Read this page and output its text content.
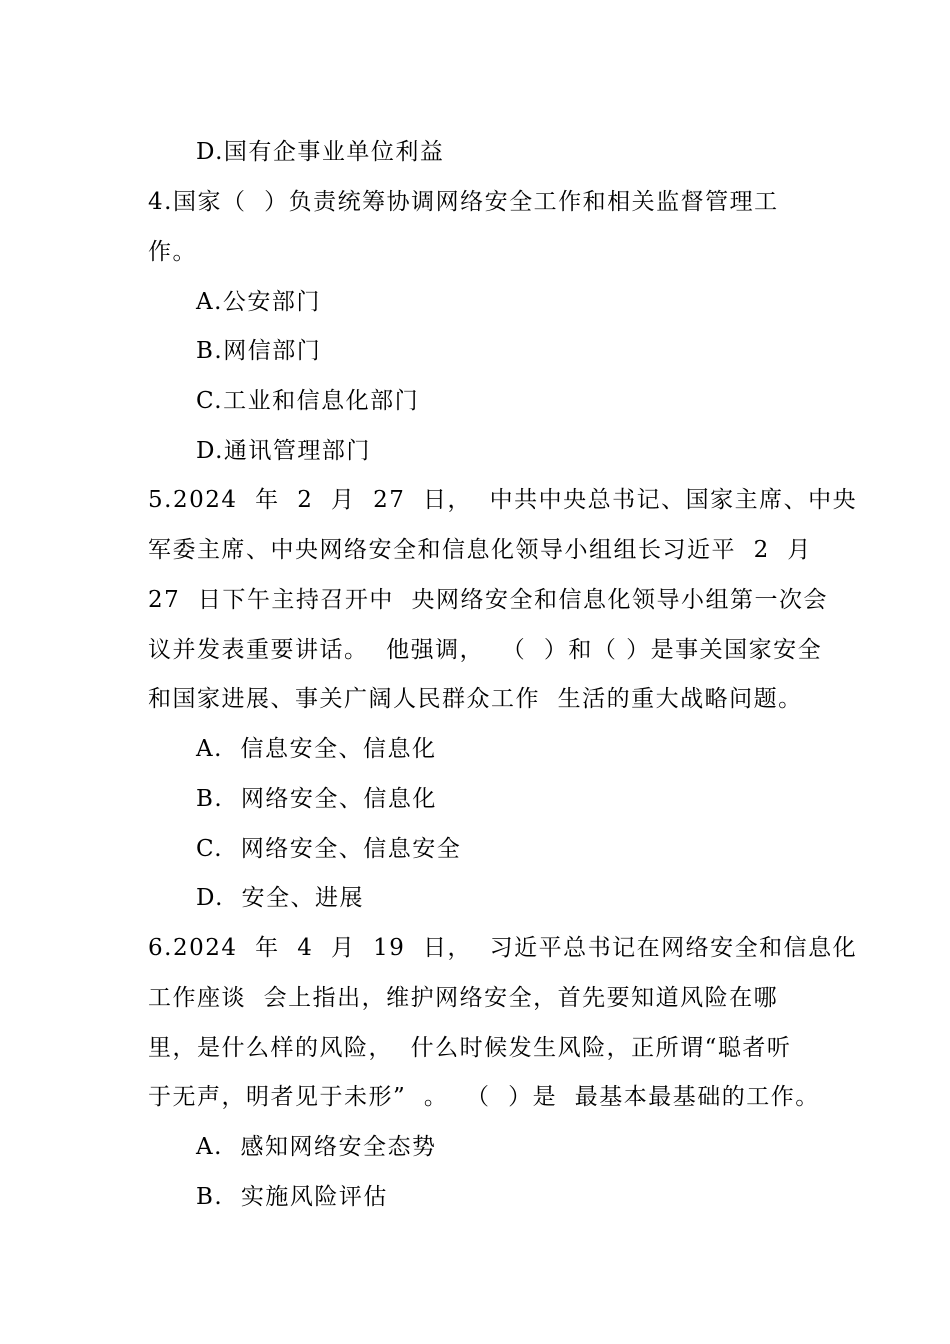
D.国有企事业单位利益
4.国家（  ）负责统筹协调网络安全工作和相关监督管理工
作。
A.公安部门
B.网信部门
C.工业和信息化部门
D.通讯管理部门
5.2024  年  2  月  27  日，  中共中央总书记、国家主席、中央
军委主席、中央网络安全和信息化领导小组组长习近平  2  月
27  日下午主持召开中  央网络安全和信息化领导小组第一次会
议并发表重要讲话。  他强调，  （  ）和（ ）是事关国家安全
和国家进展、事关广阔人民群众工作  生活的重大战略问题。
A.  信息安全、信息化
B.  网络安全、信息化
C.  网络安全、信息安全
D.  安全、进展
6.2024  年  4  月  19  日，  习近平总书记在网络安全和信息化
工作座谈  会上指出，维护网络安全，首先要知道风险在哪
里，是什么样的风险，  什么时候发生风险，正所谓“聪者听
于无声，明者见于未形”  。  （  ）是  最基本最基础的工作。
A.  感知网络安全态势
B.  实施风险评估
